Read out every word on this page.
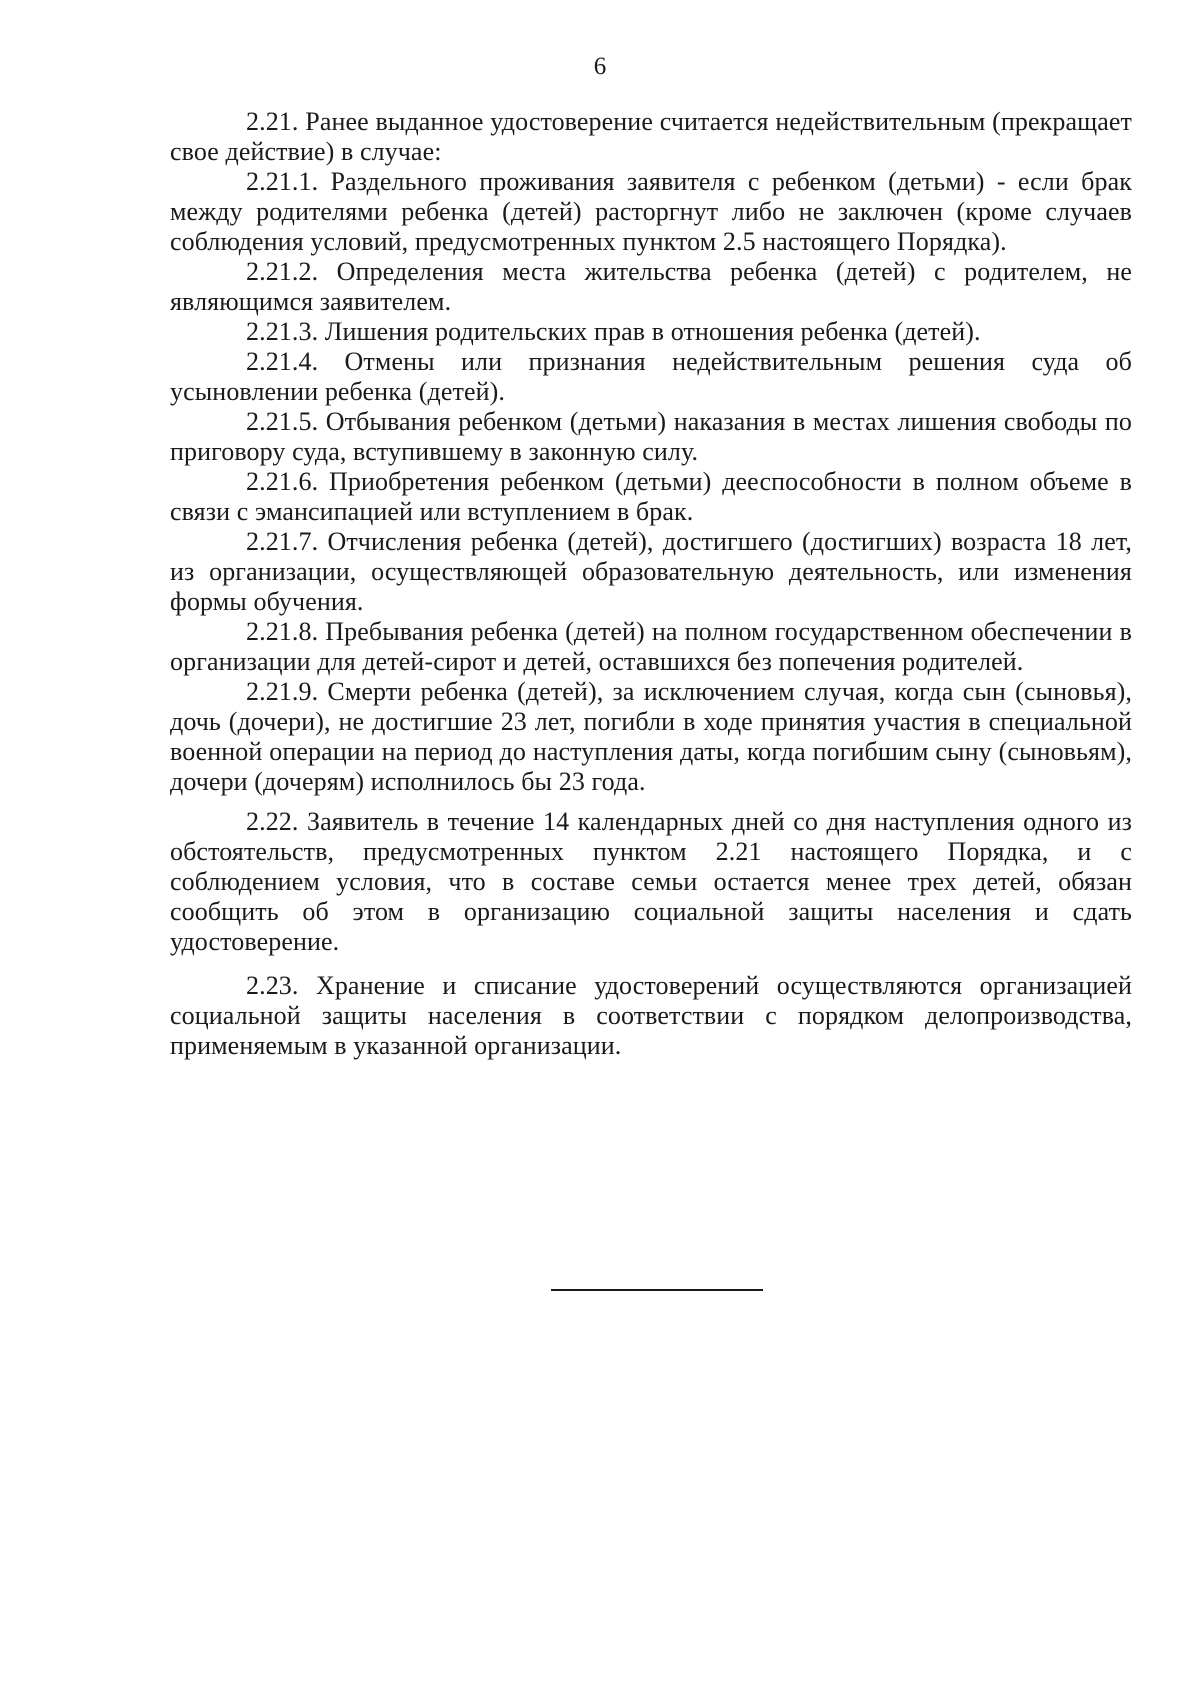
6

2.21. Ранее выданное удостоверение считается недействительным (прекращает свое действие) в случае:

2.21.1. Раздельного проживания заявителя с ребенком (детьми) - если брак между родителями ребенка (детей) расторгнут либо не заключен (кроме случаев соблюдения условий, предусмотренных пунктом 2.5 настоящего Порядка).

2.21.2. Определения места жительства ребенка (детей) с родителем, не являющимся заявителем.

2.21.3. Лишения родительских прав в отношения ребенка (детей).

2.21.4. Отмены или признания недействительным решения суда об усыновлении ребенка (детей).

2.21.5. Отбывания ребенком (детьми) наказания в местах лишения свободы по приговору суда, вступившему в законную силу.

2.21.6. Приобретения ребенком (детьми) дееспособности в полном объеме в связи с эмансипацией или вступлением в брак.

2.21.7. Отчисления ребенка (детей), достигшего (достигших) возраста 18 лет, из организации, осуществляющей образовательную деятельность, или изменения формы обучения.

2.21.8. Пребывания ребенка (детей) на полном государственном обеспечении в организации для детей-сирот и детей, оставшихся без попечения родителей.

2.21.9. Смерти ребенка (детей), за исключением случая, когда сын (сыновья), дочь (дочери), не достигшие 23 лет, погибли в ходе принятия участия в специальной военной операции на период до наступления даты, когда погибшим сыну (сыновьям), дочери (дочерям) исполнилось бы 23 года.

2.22. Заявитель в течение 14 календарных дней со дня наступления одного из обстоятельств, предусмотренных пунктом 2.21 настоящего Порядка, и с соблюдением условия, что в составе семьи остается менее трех детей, обязан сообщить об этом в организацию социальной защиты населения и сдать удостоверение.

2.23. Хранение и списание удостоверений осуществляются организацией социальной защиты населения в соответствии с порядком делопроизводства, применяемым в указанной организации.
